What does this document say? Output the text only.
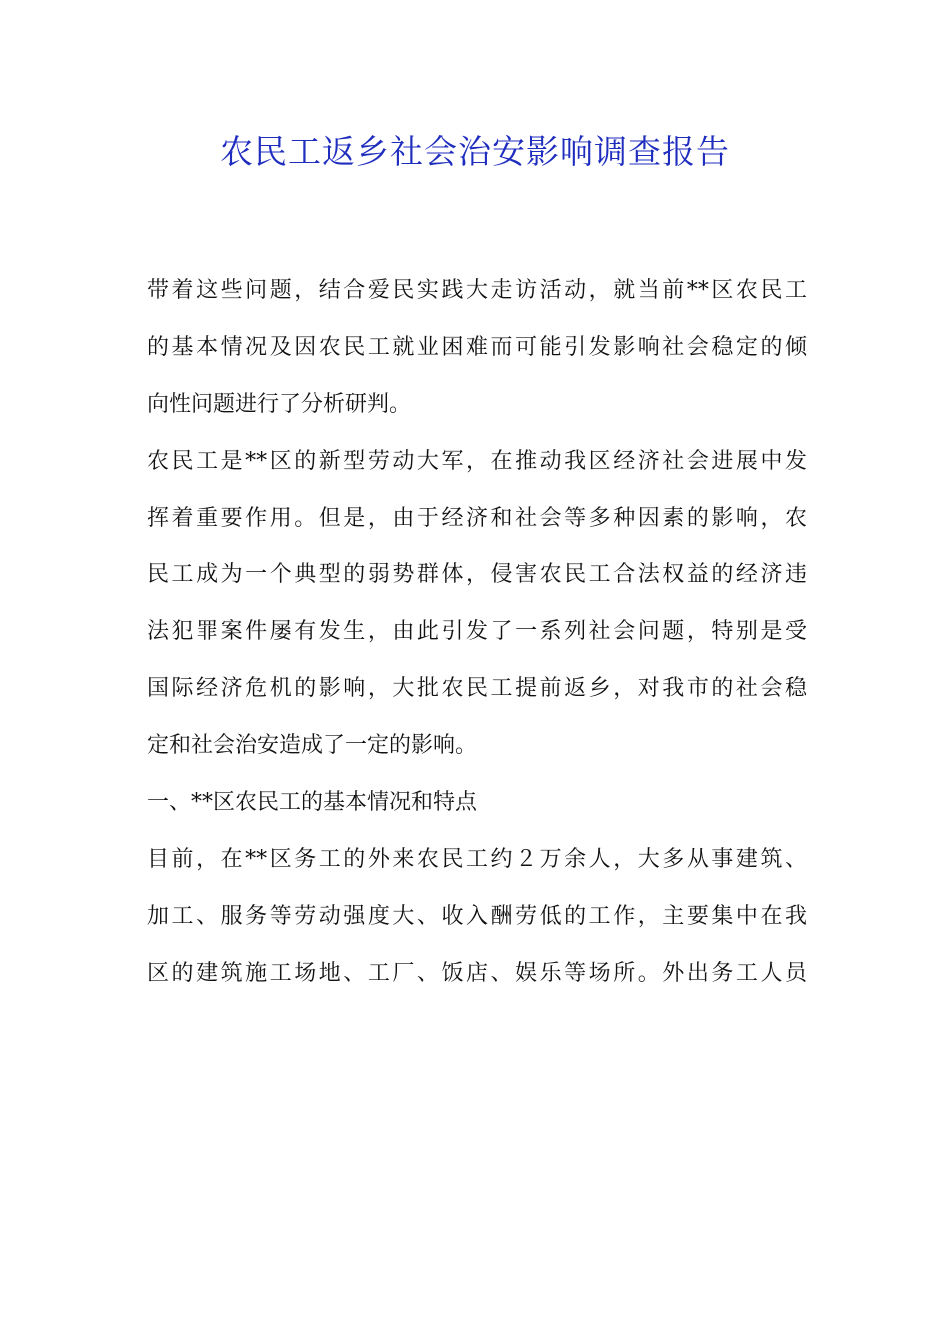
农民工返乡社会治安影响调查报告
带着这些问题，结合爱民实践大走访活动，就当前**区农民工
的基本情况及因农民工就业困难而可能引发影响社会稳定的倾
向性问题进行了分析研判。
农民工是**区的新型劳动大军，在推动我区经济社会进展中发
挥着重要作用。但是，由于经济和社会等多种因素的影响，农
民工成为一个典型的弱势群体，侵害农民工合法权益的经济违
法犯罪案件屡有发生，由此引发了一系列社会问题，特别是受
国际经济危机的影响，大批农民工提前返乡，对我市的社会稳
定和社会治安造成了一定的影响。
一、**区农民工的基本情况和特点
目前，在**区务工的外来农民工约２万余人，大多从事建筑、
加工、服务等劳动强度大、收入酬劳低的工作，主要集中在我
区的建筑施工场地、工厂、饭店、娱乐等场所。外出务工人员
